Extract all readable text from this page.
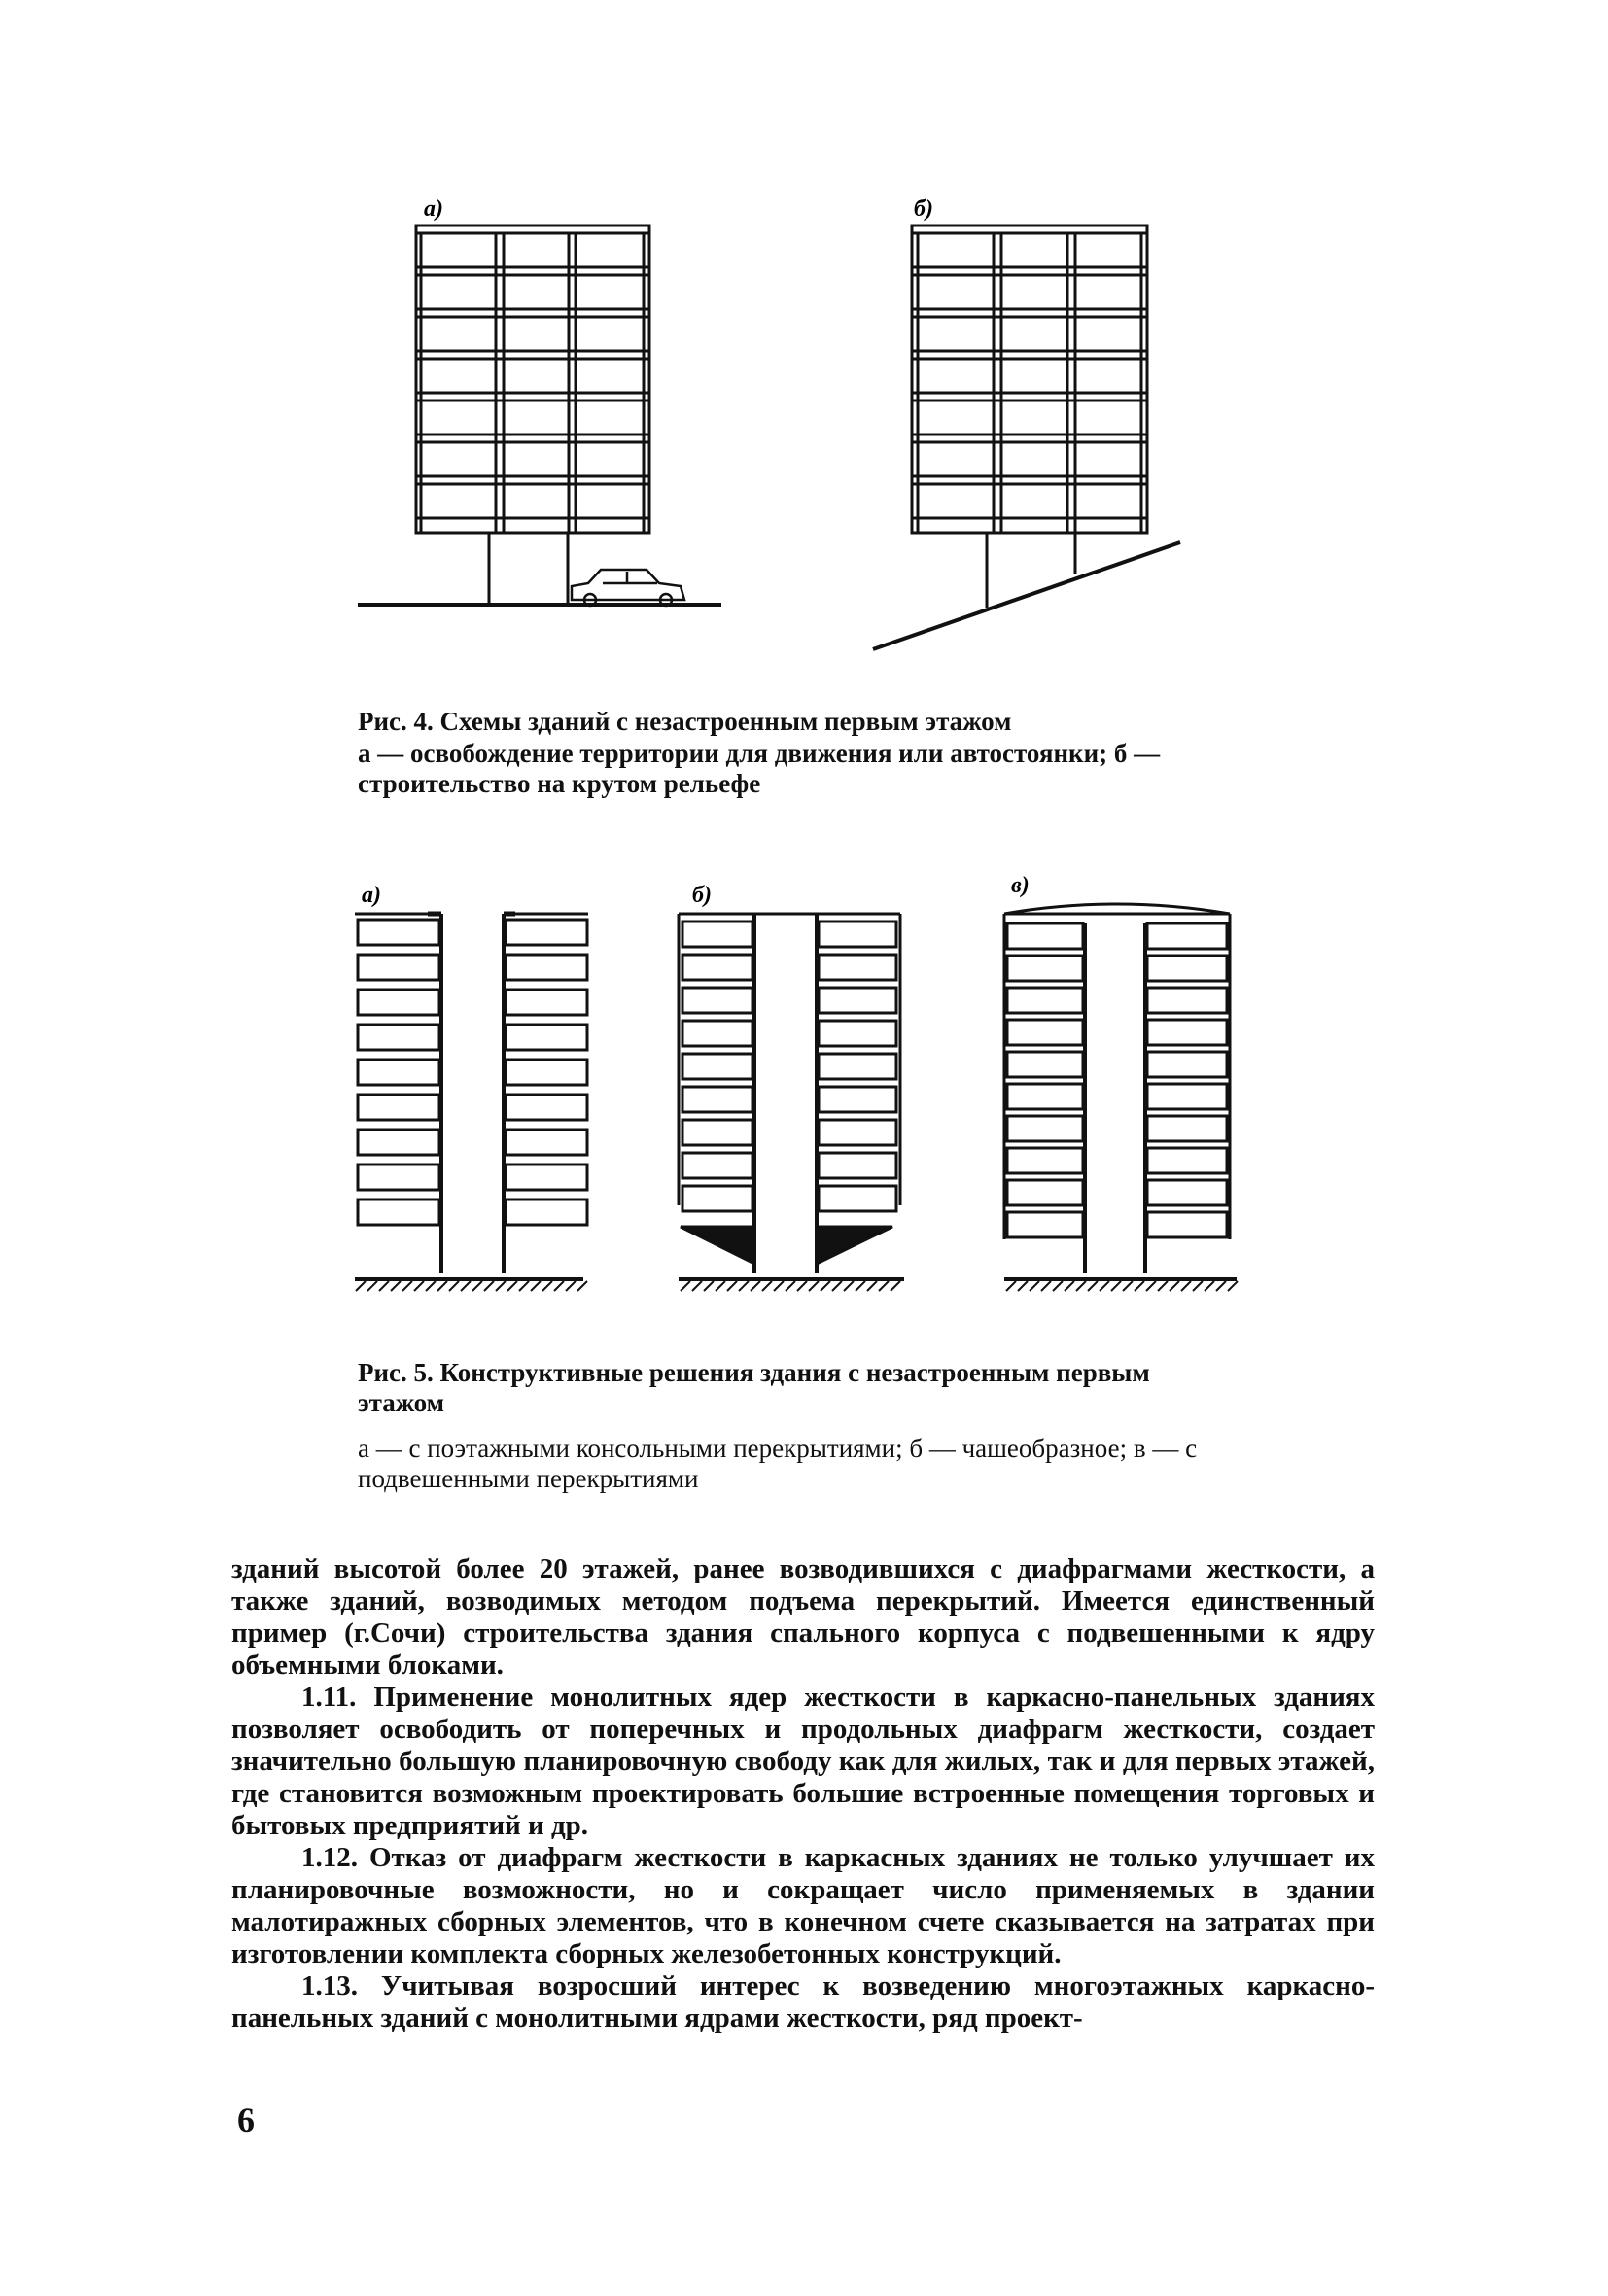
а)	б)
а)	б)	в)
Рис. 4. Схемы зданий с незастроенным первым этажом
а — освобождение территории для движения или автостоянки; б — строительство на крутом рельефе
Рис. 5. Конструктивные решения здания с незастроенным первым этажом
а — с поэтажными консольными перекрытиями; б — чашеобразное; в — с подвешенными перекрытиями

зданий высотой более 20 этажей, ранее возводившихся с диафрагмами жесткости, а также зданий, возводимых методом подъема перекрытий. Имеется единственный пример (г.Сочи) строительства здания спального корпуса с подвешенными к ядру объемными блоками.

1.11. Применение монолитных ядер жесткости в каркасно-панельных зданиях позволяет освободить от поперечных и продольных диафрагм жесткости, создает значительно большую планировочную свободу как для жилых, так и для первых этажей, где становится возможным проектировать большие встроенные помещения торговых и бытовых предприятий и др.

1.12. Отказ от диафрагм жесткости в каркасных зданиях не только улучшает их планировочные возможности, но и сокращает число применяемых в здании малотиражных сборных элементов, что в конечном счете сказывается на затратах при изготовлении комплекта сборных железобетонных конструкций.

1.13. Учитывая возросший интерес к возведению многоэтажных каркасно-панельных зданий с монолитными ядрами жесткости, ряд проект-

6
